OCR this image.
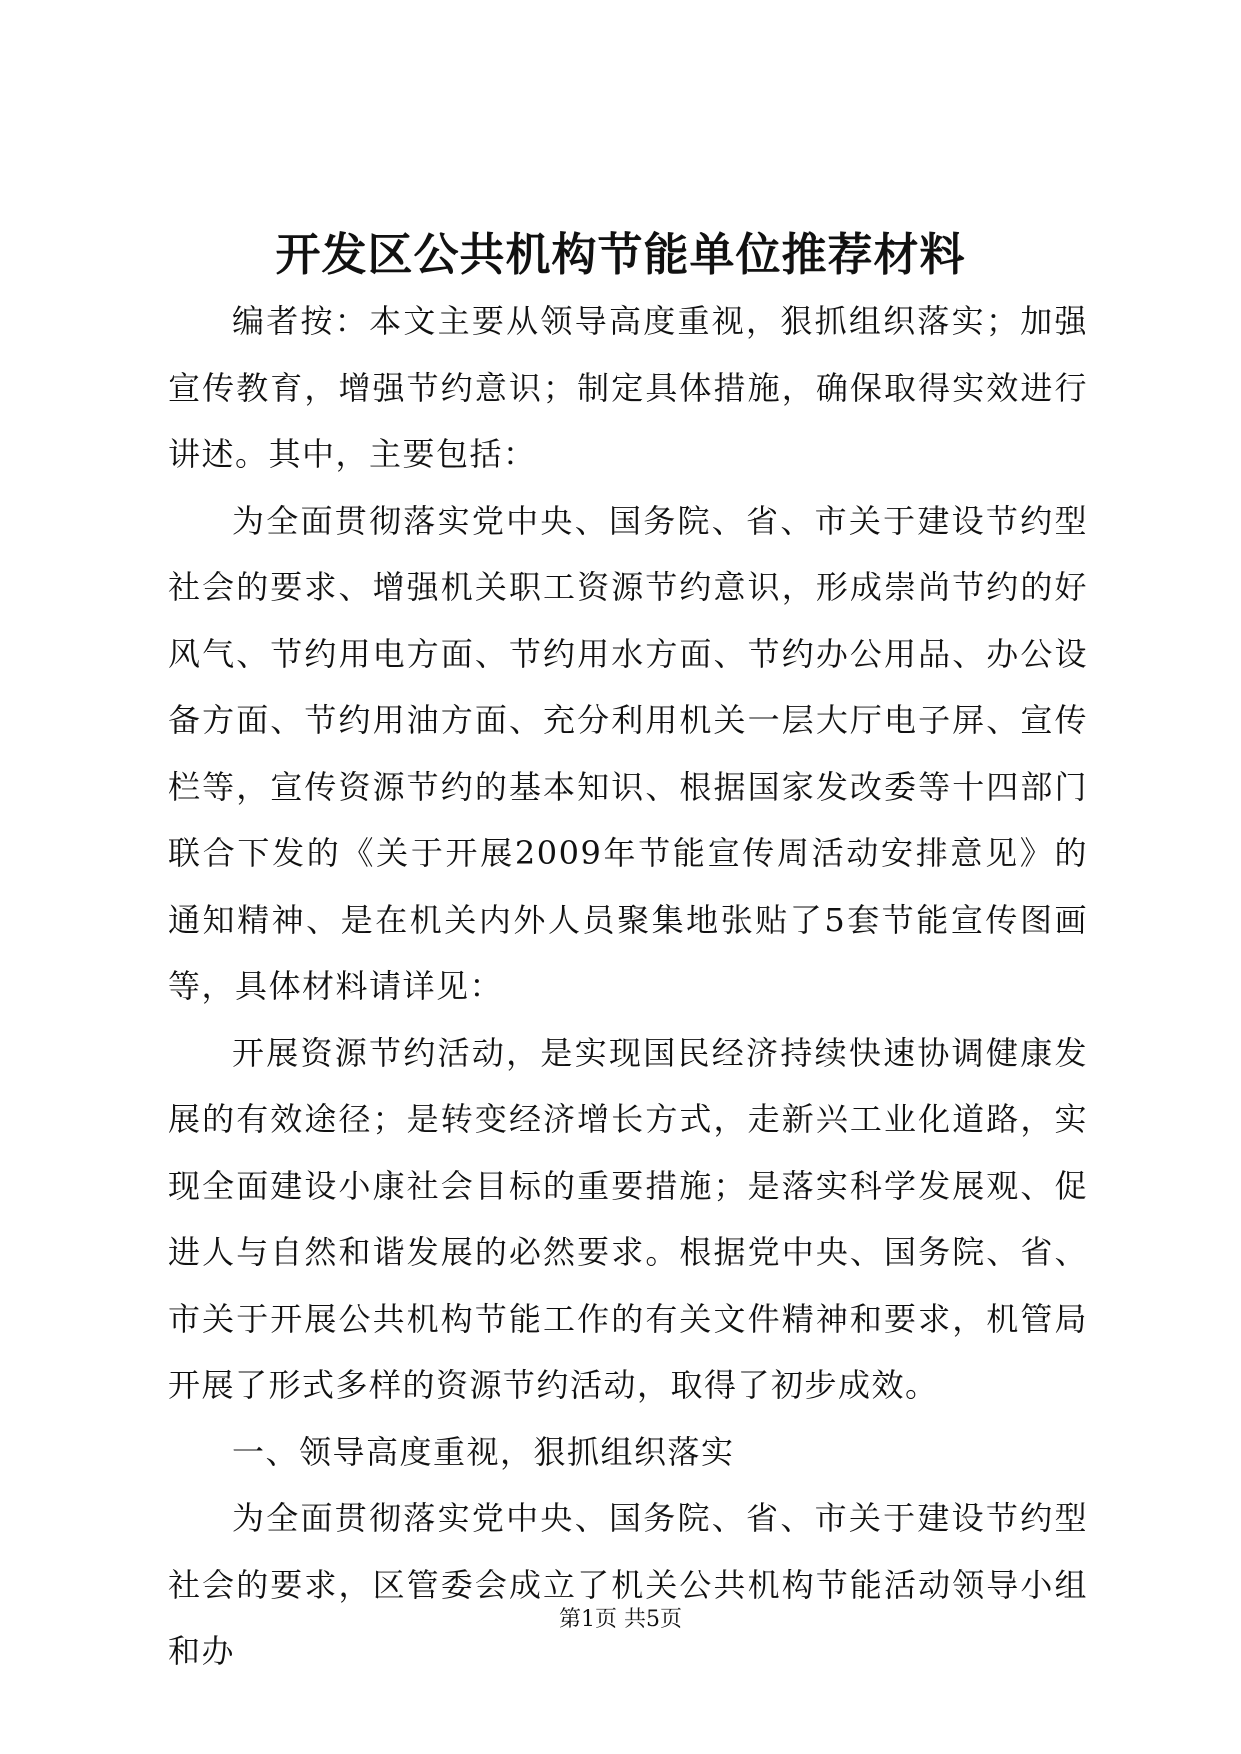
开发区公共机构节能单位推荐材料

编者按：本文主要从领导高度重视，狠抓组织落实；加强宣传教育，增强节约意识；制定具体措施，确保取得实效进行讲述。其中，主要包括：

为全面贯彻落实党中央、国务院、省、市关于建设节约型社会的要求、增强机关职工资源节约意识，形成崇尚节约的好风气、节约用电方面、节约用水方面、节约办公用品、办公设备方面、节约用油方面、充分利用机关一层大厅电子屏、宣传栏等，宣传资源节约的基本知识、根据国家发改委等十四部门联合下发的《关于开展2009年节能宣传周活动安排意见》的通知精神、是在机关内外人员聚集地张贴了5套节能宣传图画等，具体材料请详见：

开展资源节约活动，是实现国民经济持续快速协调健康发展的有效途径；是转变经济增长方式，走新兴工业化道路，实现全面建设小康社会目标的重要措施；是落实科学发展观、促进人与自然和谐发展的必然要求。根据党中央、国务院、省、市关于开展公共机构节能工作的有关文件精神和要求，机管局开展了形式多样的资源节约活动，取得了初步成效。

一、领导高度重视，狠抓组织落实

为全面贯彻落实党中央、国务院、省、市关于建设节约型社会的要求，区管委会成立了机关公共机构节能活动领导小组和办

第1页 共5页
